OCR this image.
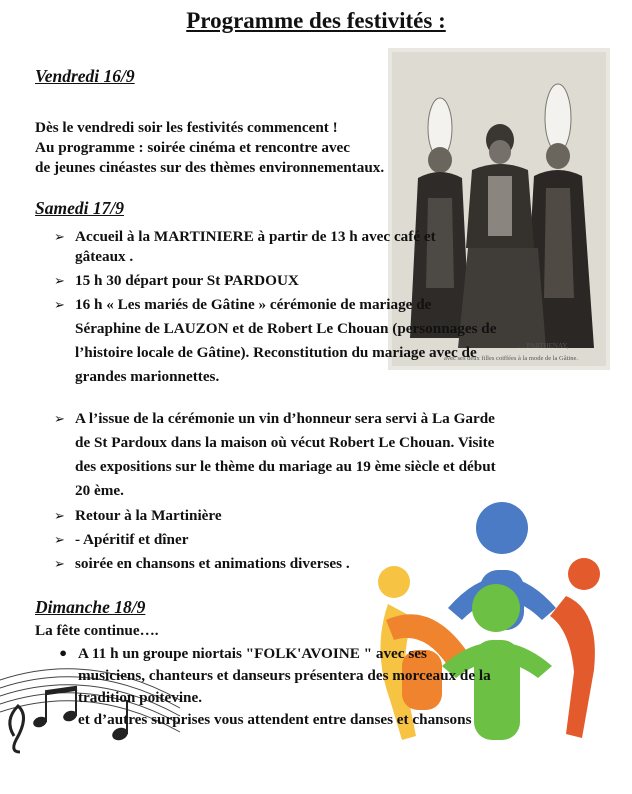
… PARTHENAY,
avec ses deux filles coiffées à la mode de la Gâtine.
Programme des festivités :
Vendredi 16/9
Dès le vendredi soir les festivités commencent !
Au programme : soirée cinéma et rencontre avec
de jeunes cinéastes sur des thèmes environnementaux.
Samedi 17/9
➢ Accueil à la MARTINIERE à partir de 13 h avec café et
gâteaux .
➢ 15 h 30 départ pour St PARDOUX
➢ 16 h « Les mariés de Gâtine » cérémonie de mariage de
Séraphine de LAUZON et de Robert Le Chouan (personnages de
l’histoire locale de Gâtine). Reconstitution du mariage avec de
grandes marionnettes.
➢ A l’issue de la cérémonie un vin d’honneur sera servi à La Garde
de St Pardoux dans la maison où vécut Robert Le Chouan. Visite
des expositions sur le thème du mariage au 19 ème siècle et début
20 ème.
➢ Retour à la Martinière
➢ - Apéritif et dîner
➢ soirée en chansons et animations diverses .
Dimanche 18/9
La fête continue….
• A 11 h un groupe niortais "FOLK'AVOINE " avec ses
musiciens, chanteurs et danseurs présentera des morceaux de la
tradition poitevine.
et d’autres surprises vous attendent entre danses et chansons
